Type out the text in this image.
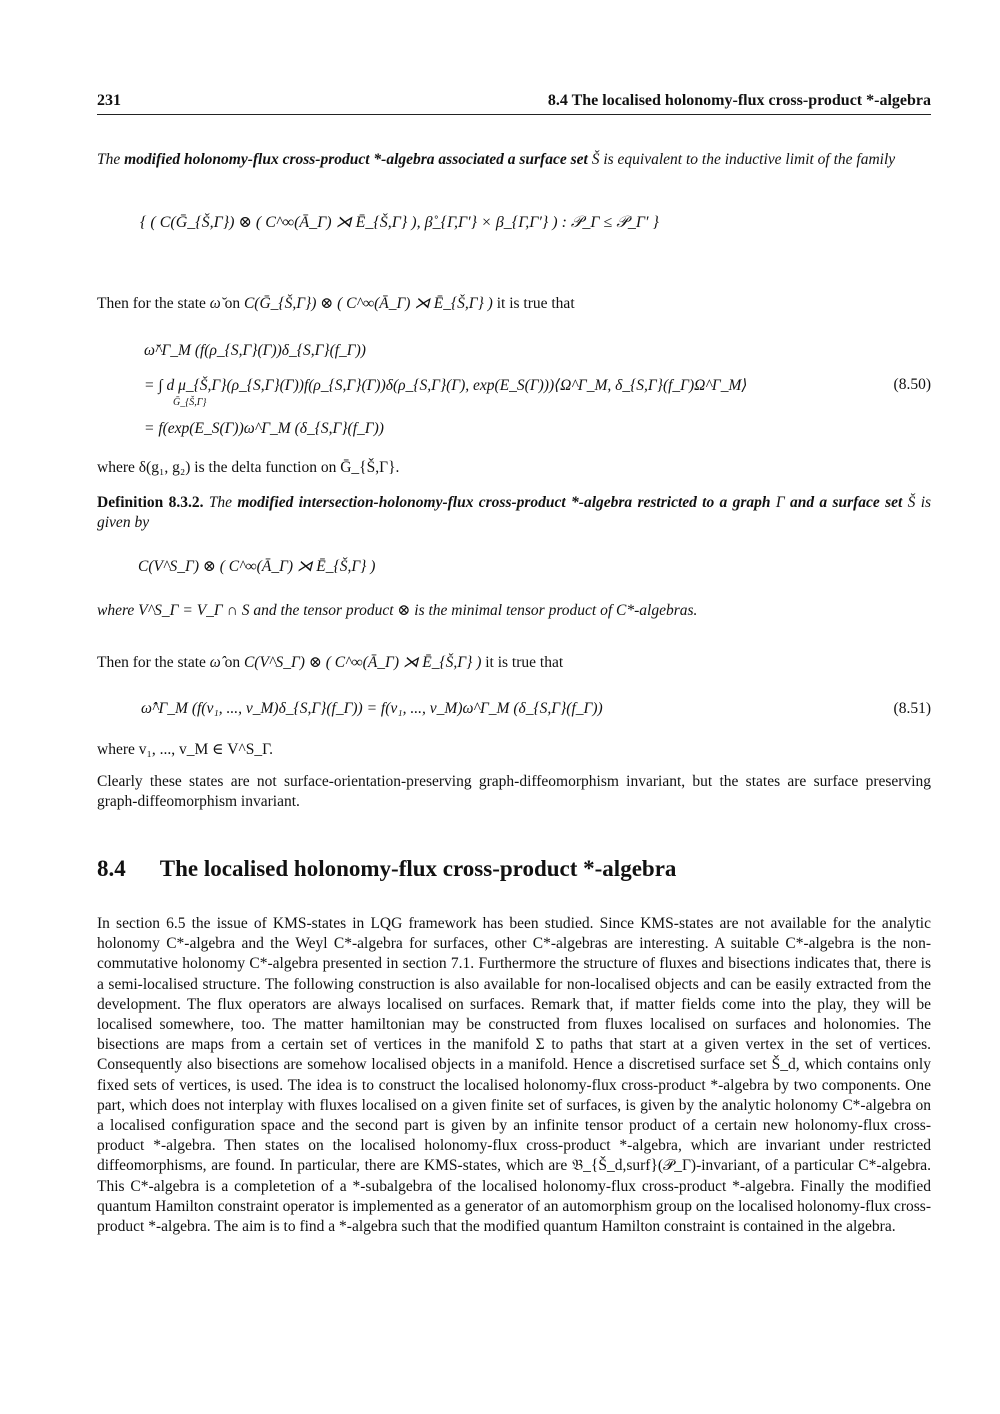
231	8.4 The localised holonomy-flux cross-product *-algebra
The modified holonomy-flux cross-product *-algebra associated a surface set Š is equivalent to the inductive limit of the family
{ ( C(Ḡ_{Š,Γ}) ⊗ ( C^∞(Ā_Γ) ⋊ Ē_{Š,Γ} ), β̊_{Γ,Γ′} × β_{Γ,Γ′} ) : 𝒫_Γ ≤ 𝒫_Γ′ }
Then for the state ω̆ on C(Ḡ_{Š,Γ}) ⊗ ( C^∞(Ā_Γ) ⋊ Ē_{Š,Γ} ) it is true that
ω̆^Γ_M (f(ρ_{S,Γ}(Γ))δ_{S,Γ}(f_Γ))
= ∫ d μ_{Š,Γ}(ρ_{S,Γ}(Γ))f(ρ_{S,Γ}(Γ))δ(ρ_{S,Γ}(Γ), exp(E_S(Γ)))⟨Ω^Γ_M, δ_{S,Γ}(f_Γ)Ω^Γ_M⟩
Ḡ_{Š,Γ}
= f(exp(E_S(Γ))ω^Γ_M (δ_{S,Γ}(f_Γ))
(8.50)
where δ(g₁, g₂) is the delta function on Ḡ_{Š,Γ}.
Definition 8.3.2. The modified intersection-holonomy-flux cross-product *-algebra restricted to a graph Γ and a surface set Š is given by
C(V^S_Γ) ⊗ ( C^∞(Ā_Γ) ⋊ Ē_{Š,Γ} )
where V^S_Γ = V_Γ ∩ S and the tensor product ⊗ is the minimal tensor product of C*-algebras.
Then for the state ω̂ on C(V^S_Γ) ⊗ ( C^∞(Ā_Γ) ⋊ Ē_{Š,Γ} ) it is true that
ω̂^Γ_M (f(v₁, ..., v_M)δ_{S,Γ}(f_Γ)) = f(v₁, ..., v_M)ω^Γ_M (δ_{S,Γ}(f_Γ))	(8.51)
where v₁, ..., v_M ∈ V^S_Γ.
Clearly these states are not surface-orientation-preserving graph-diffeomorphism invariant, but the states are surface preserving graph-diffeomorphism invariant.
8.4 The localised holonomy-flux cross-product *-algebra
In section 6.5 the issue of KMS-states in LQG framework has been studied. Since KMS-states are not available for the analytic holonomy C*-algebra and the Weyl C*-algebra for surfaces, other C*-algebras are interesting. A suitable C*-algebra is the non-commutative holonomy C*-algebra presented in section 7.1. Furthermore the structure of fluxes and bisections indicates that, there is a semi-localised structure. The following construction is also available for non-localised objects and can be easily extracted from the development. The flux operators are always localised on surfaces. Remark that, if matter fields come into the play, they will be localised somewhere, too. The matter hamiltonian may be constructed from fluxes localised on surfaces and holonomies. The bisections are maps from a certain set of vertices in the manifold Σ to paths that start at a given vertex in the set of vertices. Consequently also bisections are somehow localised objects in a manifold. Hence a discretised surface set Š_d, which contains only fixed sets of vertices, is used. The idea is to construct the localised holonomy-flux cross-product *-algebra by two components. One part, which does not interplay with fluxes localised on a given finite set of surfaces, is given by the analytic holonomy C*-algebra on a localised configuration space and the second part is given by an infinite tensor product of a certain new holonomy-flux cross-product *-algebra. Then states on the localised holonomy-flux cross-product *-algebra, which are invariant under restricted diffeomorphisms, are found. In particular, there are KMS-states, which are 𝔅_{Š_d,surf}(𝒫_Γ)-invariant, of a particular C*-algebra. This C*-algebra is a completetion of a *-subalgebra of the localised holonomy-flux cross-product *-algebra. Finally the modified quantum Hamilton constraint operator is implemented as a generator of an automorphism group on the localised holonomy-flux cross-product *-algebra. The aim is to find a *-algebra such that the modified quantum Hamilton constraint is contained in the algebra.
